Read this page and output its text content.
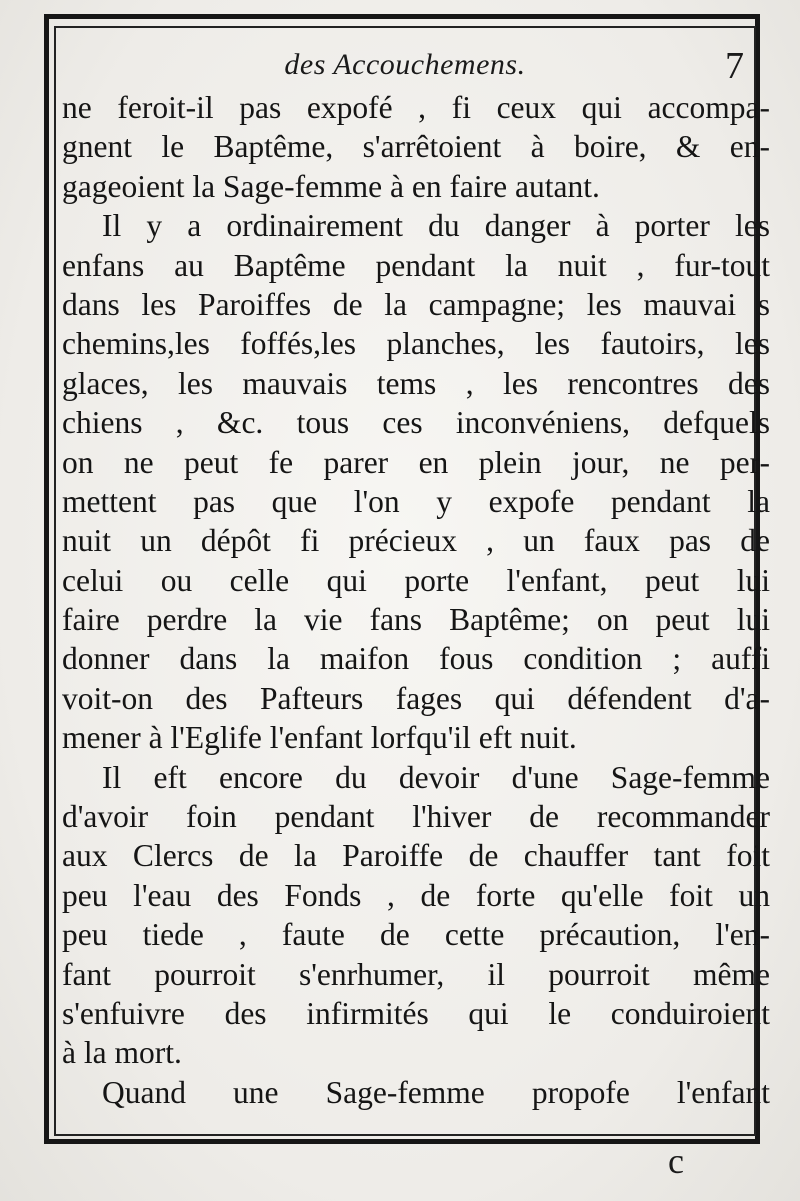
des Accouchemens.	7
ne feroit-il pas expofé , fi ceux qui accompa-
gnent le Baptême, s'arrêtoient à boire, & en-
gageoient la Sage-femme à en faire autant.
Il y a ordinairement du danger à porter les
enfans au Baptême pendant la nuit , fur-tout
dans les Paroiffes de la campagne; les mauvai s
chemins,les foffés,les planches, les fautoirs, les
glaces, les mauvais tems , les rencontres des
chiens , &c. tous ces inconvéniens, defquels
on ne peut fe parer en plein jour, ne per-
mettent pas que l'on y expofe pendant la
nuit un dépôt fi précieux , un faux pas de
celui ou celle qui porte l'enfant, peut lui
faire perdre la vie fans Baptême; on peut lui
donner dans la maifon fous condition ; auffi
voit-on des Pafteurs fages qui défendent d'a-
mener à l'Eglife l'enfant lorfqu'il eft nuit.
Il eft encore du devoir d'une Sage-femme
d'avoir foin pendant l'hiver de recommander
aux Clercs de la Paroiffe de chauffer tant foit
peu l'eau des Fonds , de forte qu'elle foit un
peu tiede , faute de cette précaution, l'en-
fant pourroit s'enrhumer, il pourroit même
s'enfuivre des infirmités qui le conduiroient
à la mort.
Quand une Sage-femme propofe l'enfant
c
